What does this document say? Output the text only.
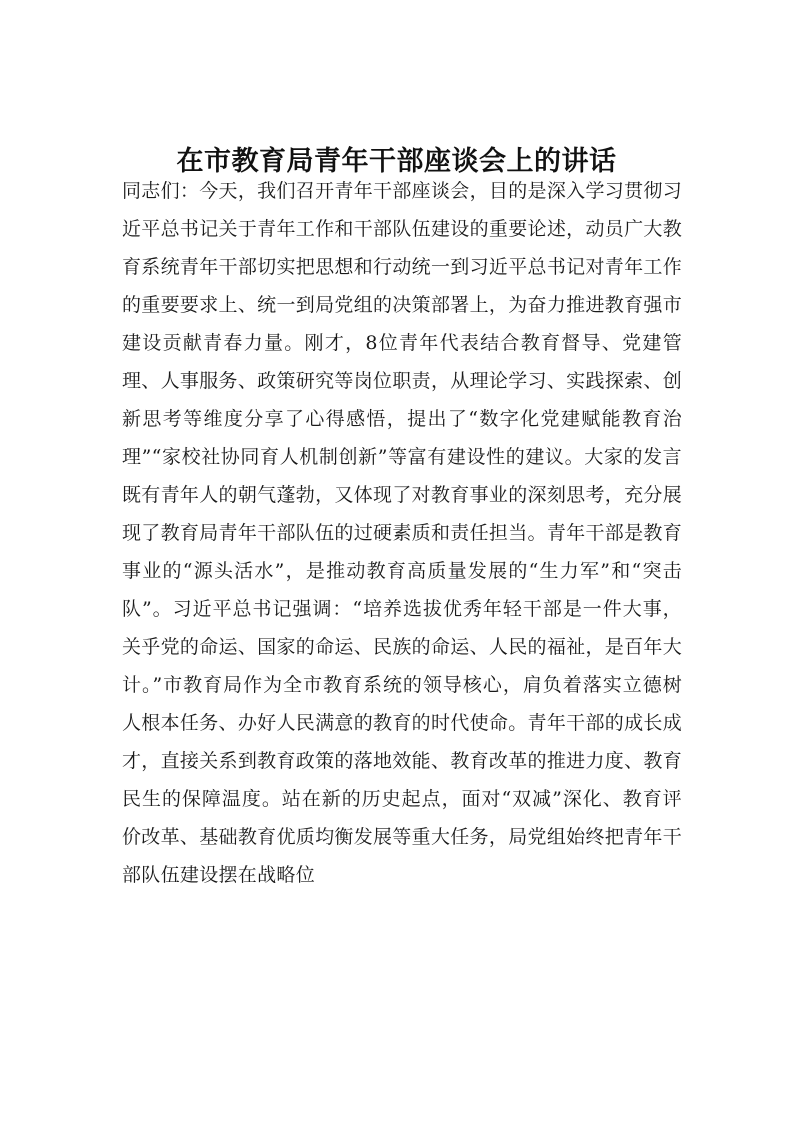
在市教育局青年干部座谈会上的讲话

同志们：今天，我们召开青年干部座谈会，目的是深入学习贯彻习近平总书记关于青年工作和干部队伍建设的重要论述，动员广大教育系统青年干部切实把思想和行动统一到习近平总书记对青年工作的重要要求上、统一到局党组的决策部署上，为奋力推进教育强市建设贡献青春力量。刚才，8位青年代表结合教育督导、党建管理、人事服务、政策研究等岗位职责，从理论学习、实践探索、创新思考等维度分享了心得感悟，提出了“数字化党建赋能教育治理”“家校社协同育人机制创新”等富有建设性的建议。大家的发言既有青年人的朝气蓬勃，又体现了对教育事业的深刻思考，充分展现了教育局青年干部队伍的过硬素质和责任担当。青年干部是教育事业的“源头活水”，是推动教育高质量发展的“生力军”和“突击队”。习近平总书记强调：“培养选拔优秀年轻干部是一件大事，关乎党的命运、国家的命运、民族的命运、人民的福祉，是百年大计。”市教育局作为全市教育系统的领导核心，肩负着落实立德树人根本任务、办好人民满意的教育的时代使命。青年干部的成长成才，直接关系到教育政策的落地效能、教育改革的推进力度、教育民生的保障温度。站在新的历史起点，面对“双减”深化、教育评价改革、基础教育优质均衡发展等重大任务，局党组始终把青年干部队伍建设摆在战略位
